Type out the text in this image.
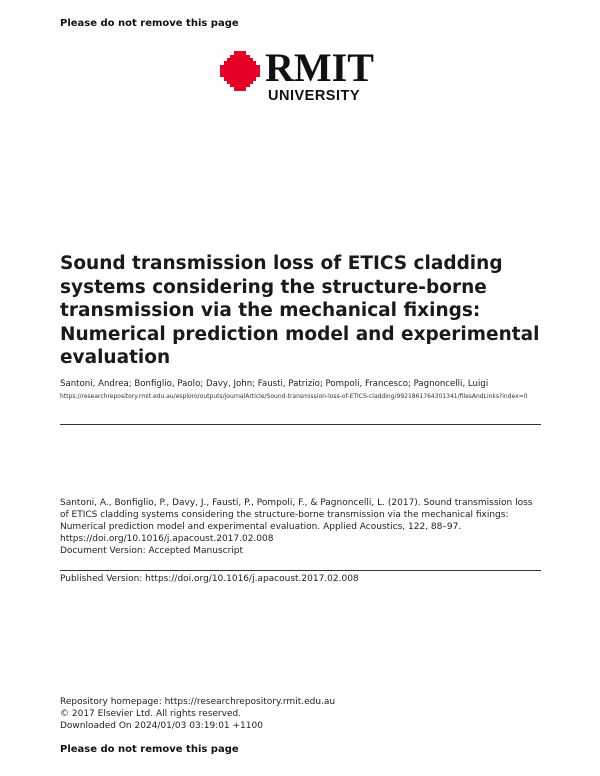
Please do not remove this page
RMIT
UNIVERSITY
Sound transmission loss of ETICS cladding systems considering the structure-borne transmission via the mechanical fixings: Numerical prediction model and experimental evaluation
Santoni, Andrea; Bonfiglio, Paolo; Davy, John; Fausti, Patrizio; Pompoli, Francesco; Pagnoncelli, Luigi
https://researchrepository.rmit.edu.au/esploro/outputs/journalArticle/Sound-transmission-loss-of-ETICS-cladding/9921861764301341/filesAndLinks?index=0
Santoni, A., Bonfiglio, P., Davy, J., Fausti, P., Pompoli, F., & Pagnoncelli, L. (2017). Sound transmission loss
of ETICS cladding systems considering the structure-borne transmission via the mechanical fixings:
Numerical prediction model and experimental evaluation. Applied Acoustics, 122, 88–97.
https://doi.org/10.1016/j.apacoust.2017.02.008
Document Version: Accepted Manuscript
Published Version: https://doi.org/10.1016/j.apacoust.2017.02.008
Repository homepage: https://researchrepository.rmit.edu.au
© 2017 Elsevier Ltd. All rights reserved.
Downloaded On 2024/01/03 03:19:01 +1100
Please do not remove this page
